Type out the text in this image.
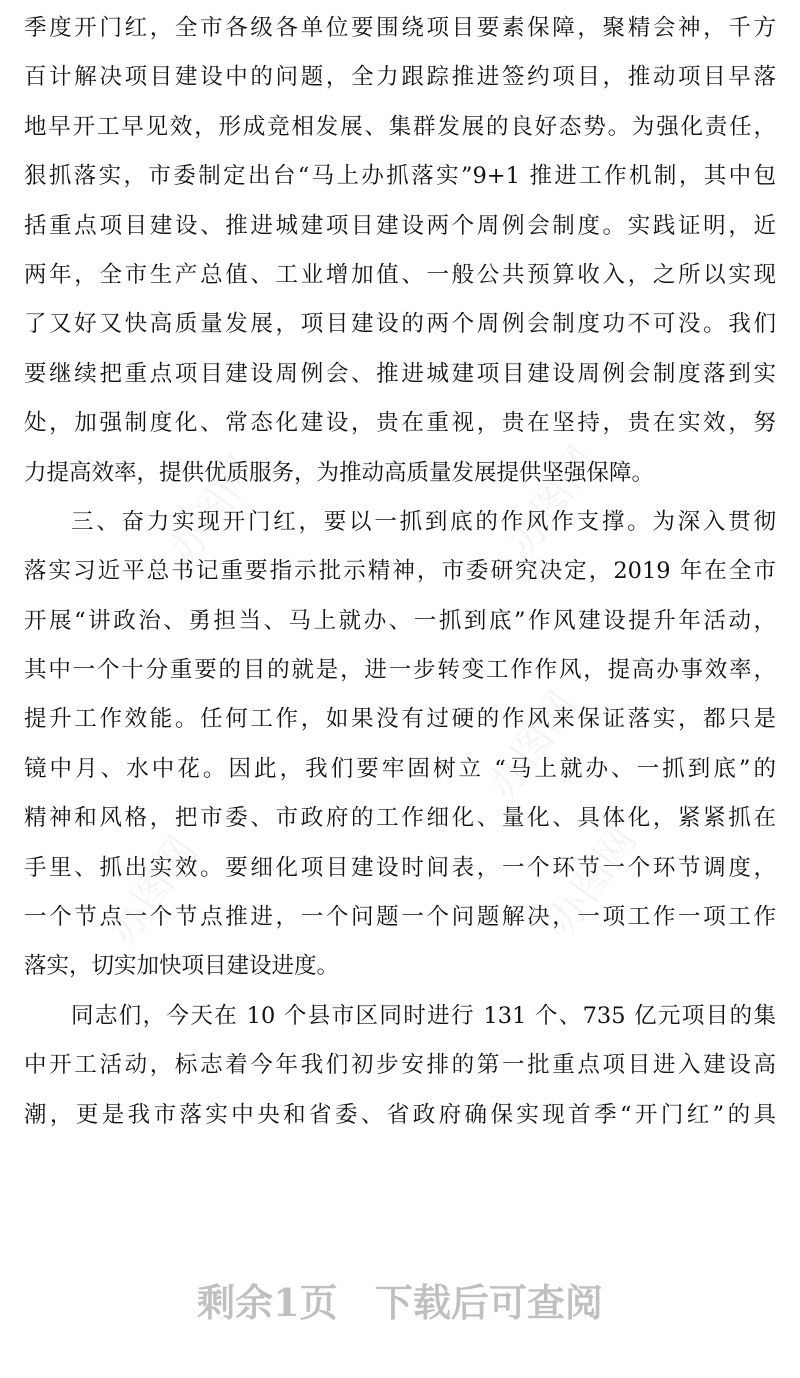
季度开门红，全市各级各单位要围绕项目要素保障，聚精会神，千方
百计解决项目建设中的问题，全力跟踪推进签约项目，推动项目早落
地早开工早见效，形成竞相发展、集群发展的良好态势。为强化责任，
狠抓落实，市委制定出台“马上办抓落实”9+1 推进工作机制，其中包
括重点项目建设、推进城建项目建设两个周例会制度。实践证明，近
两年，全市生产总值、工业增加值、一般公共预算收入，之所以实现
了又好又快高质量发展，项目建设的两个周例会制度功不可没。我们
要继续把重点项目建设周例会、推进城建项目建设周例会制度落到实
处，加强制度化、常态化建设，贵在重视，贵在坚持，贵在实效，努
力提高效率，提供优质服务，为推动高质量发展提供坚强保障。
三、奋力实现开门红，要以一抓到底的作风作支撑。为深入贯彻
落实习近平总书记重要指示批示精神，市委研究决定，2019 年在全市
开展“讲政治、勇担当、马上就办、一抓到底”作风建设提升年活动，
其中一个十分重要的目的就是，进一步转变工作作风，提高办事效率，
提升工作效能。任何工作，如果没有过硬的作风来保证落实，都只是
镜中月、水中花。因此，我们要牢固树立 “马上就办、一抓到底”的
精神和风格，把市委、市政府的工作细化、量化、具体化，紧紧抓在
手里、抓出实效。要细化项目建设时间表，一个环节一个环节调度，
一个节点一个节点推进，一个问题一个问题解决，一项工作一项工作
落实，切实加快项目建设进度。
同志们，今天在 10 个县市区同时进行 131 个、735 亿元项目的集
中开工活动，标志着今年我们初步安排的第一批重点项目进入建设高
潮，更是我市落实中央和省委、省政府确保实现首季“开门红”的具
办图网	办图网
办图网
办图网	办图网
剩余1页 下载后可查阅
